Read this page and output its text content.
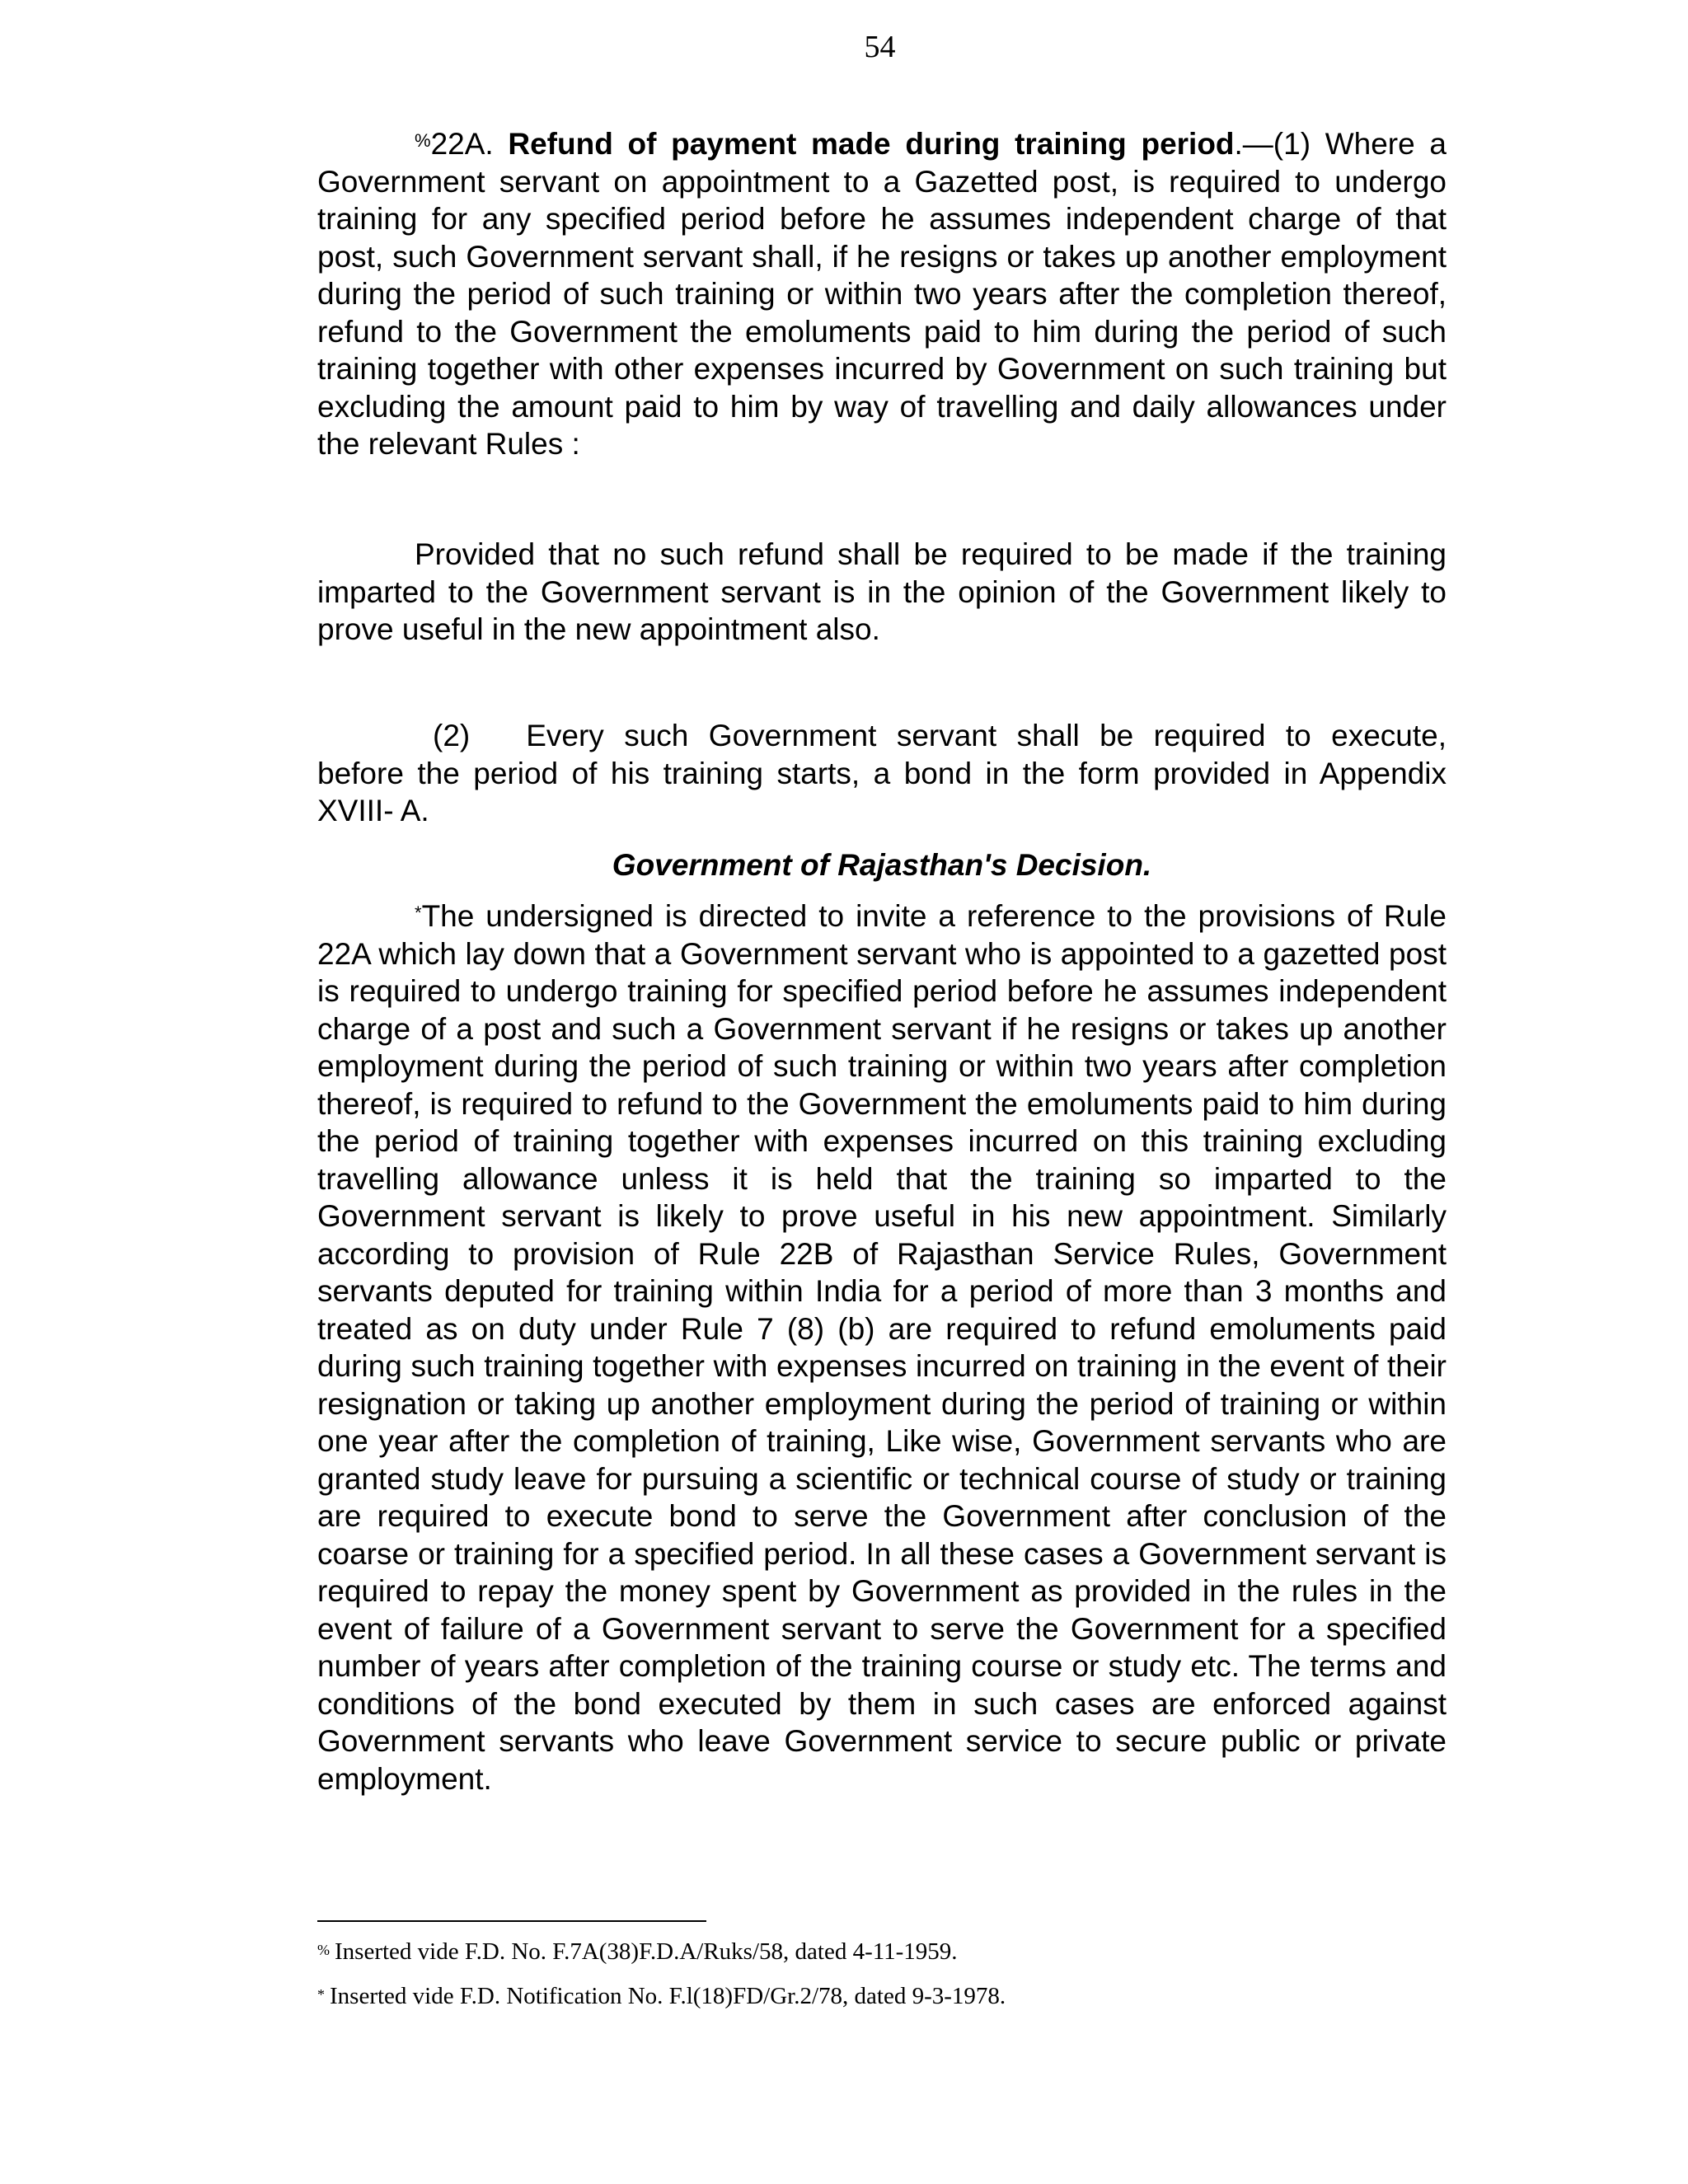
54

%22A. Refund of payment made during training period.—(1) Where a Government servant on appointment to a Gazetted post, is required to undergo training for any specified period before he assumes independent charge of that post, such Government servant shall, if he resigns or takes up another employment during the period of such training or within two years after the completion thereof, refund to the Government the emoluments paid to him during the period of such training together with other expenses incurred by Government on such training but excluding the amount paid to him by way of travelling and daily allowances under the relevant Rules :

Provided that no such refund shall be required to be made if the training imparted to the Government servant is in the opinion of the Government likely to prove useful in the new appointment also.

(2) Every such Government servant shall be required to execute, before the period of his training starts, a bond in the form provided in Appendix XVIII- A.

Government of Rajasthan's Decision.

*The undersigned is directed to invite a reference to the provisions of Rule 22A which lay down that a Government servant who is appointed to a gazetted post is required to undergo training for specified period before he assumes independent charge of a post and such a Government servant if he resigns or takes up another employment during the period of such training or within two years after completion thereof, is required to refund to the Government the emoluments paid to him during the period of training together with expenses incurred on this training excluding travelling allowance unless it is held that the training so imparted to the Government servant is likely to prove useful in his new appointment. Similarly according to provision of Rule 22B of Rajasthan Service Rules, Government servants deputed for training within India for a period of more than 3 months and treated as on duty under Rule 7 (8) (b) are required to refund emoluments paid during such training together with expenses incurred on training in the event of their resignation or taking up another employment during the period of training or within one year after the completion of training, Like wise, Government servants who are granted study leave for pursuing a scientific or technical course of study or training are required to execute bond to serve the Government after conclusion of the coarse or training for a specified period. In all these cases a Government servant is required to repay the money spent by Government as provided in the rules in the event of failure of a Government servant to serve the Government for a specified number of years after completion of the training course or study etc. The terms and conditions of the bond executed by them in such cases are enforced against Government servants who leave Government service to secure public or private employment.

% Inserted vide F.D. No. F.7A(38)F.D.A/Ruks/58, dated 4-11-1959.

* Inserted vide F.D. Notification No. F.l(18)FD/Gr.2/78, dated 9-3-1978.
